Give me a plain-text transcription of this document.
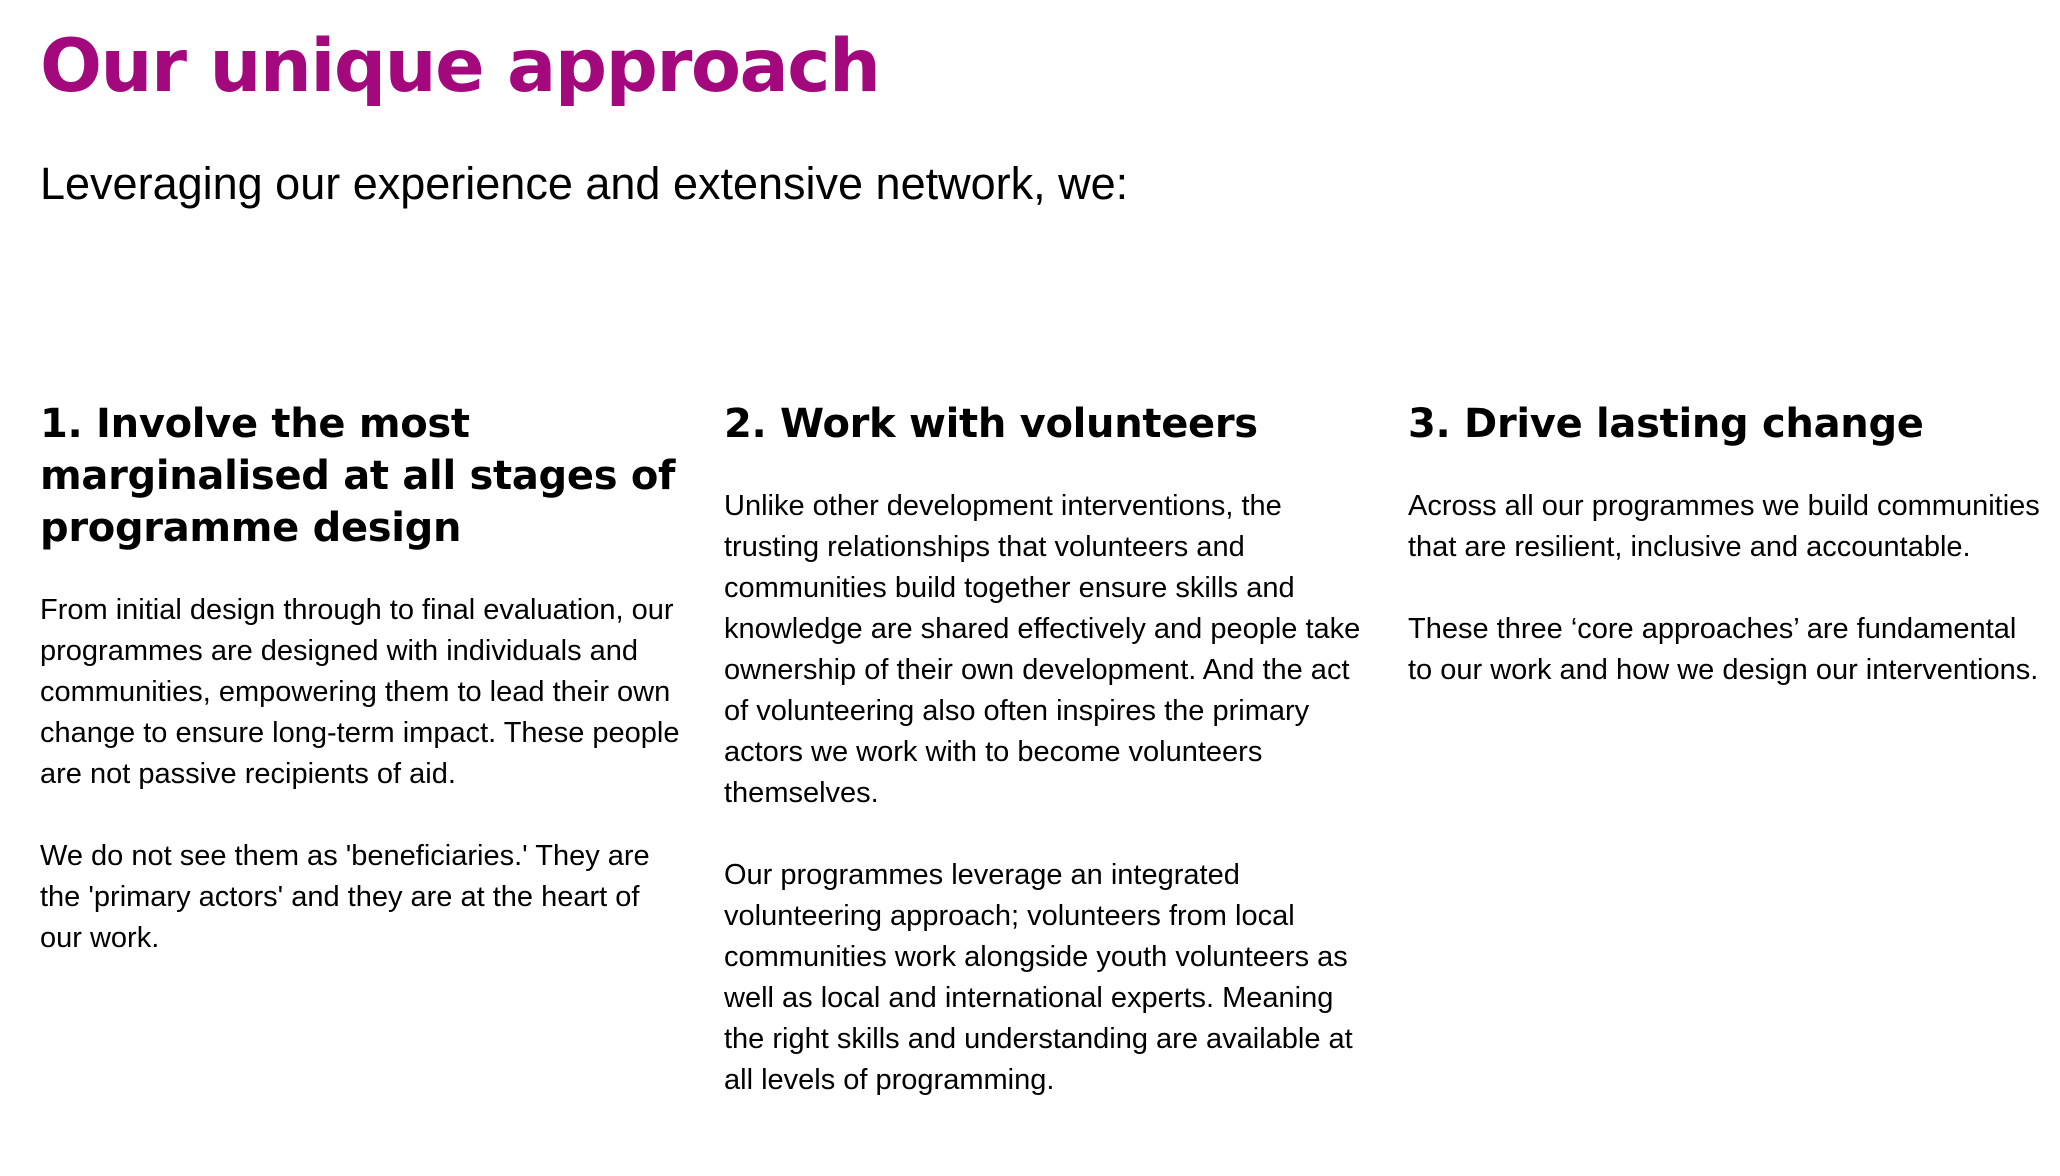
Our unique approach

Leveraging our experience and extensive network, we:

1. Involve the most marginalised at all stages of programme design

From initial design through to final evaluation, our programmes are designed with individuals and communities, empowering them to lead their own change to ensure long-term impact. These people are not passive recipients of aid.

We do not see them as 'beneficiaries.' They are the 'primary actors' and they are at the heart of our work.

2. Work with volunteers

Unlike other development interventions, the trusting relationships that volunteers and communities build together ensure skills and knowledge are shared effectively and people take ownership of their own development. And the act of volunteering also often inspires the primary actors we work with to become volunteers themselves.

Our programmes leverage an integrated volunteering approach; volunteers from local communities work alongside youth volunteers as well as local and international experts. Meaning the right skills and understanding are available at all levels of programming.

3. Drive lasting change

Across all our programmes we build communities that are resilient, inclusive and accountable.

These three ‘core approaches’ are fundamental to our work and how we design our interventions.
